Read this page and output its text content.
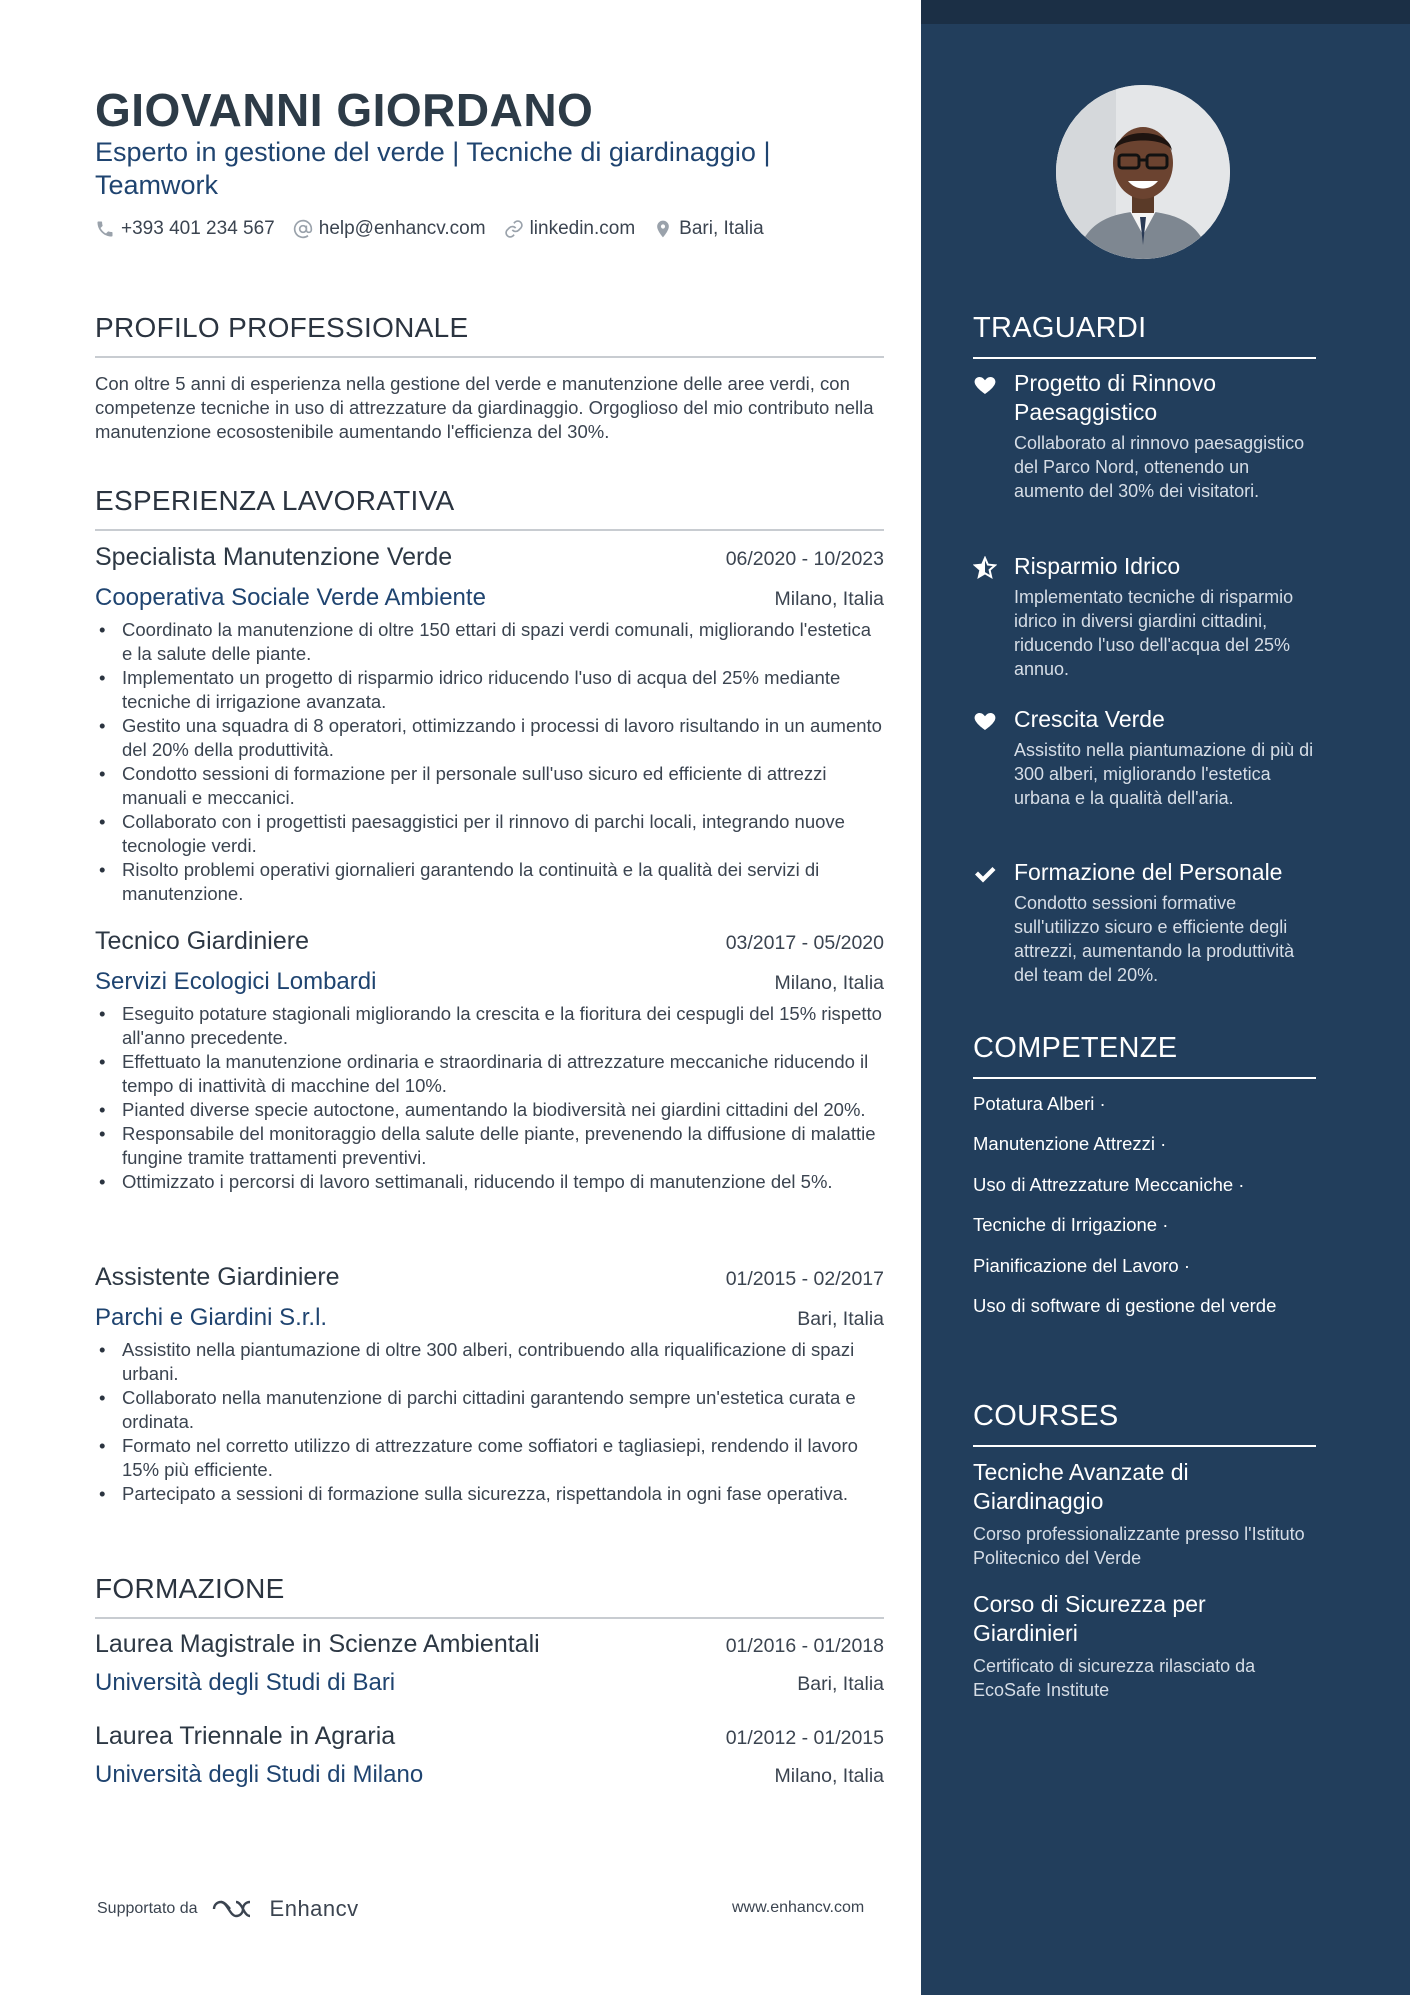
GIOVANNI GIORDANO
Esperto in gestione del verde | Tecniche di giardinaggio | Teamwork
+393 401 234 567 help@enhancv.com linkedin.com Bari, Italia
PROFILO PROFESSIONALE
Con oltre 5 anni di esperienza nella gestione del verde e manutenzione delle aree verdi, con competenze tecniche in uso di attrezzature da giardinaggio. Orgoglioso del mio contributo nella manutenzione ecosostenibile aumentando l'efficienza del 30%.
ESPERIENZA LAVORATIVA
Specialista Manutenzione Verde	06/2020 - 10/2023
Cooperativa Sociale Verde Ambiente	Milano, Italia
• Coordinato la manutenzione di oltre 150 ettari di spazi verdi comunali, migliorando l'estetica e la salute delle piante.
• Implementato un progetto di risparmio idrico riducendo l'uso di acqua del 25% mediante tecniche di irrigazione avanzata.
• Gestito una squadra di 8 operatori, ottimizzando i processi di lavoro risultando in un aumento del 20% della produttività.
• Condotto sessioni di formazione per il personale sull'uso sicuro ed efficiente di attrezzi manuali e meccanici.
• Collaborato con i progettisti paesaggistici per il rinnovo di parchi locali, integrando nuove tecnologie verdi.
• Risolto problemi operativi giornalieri garantendo la continuità e la qualità dei servizi di manutenzione.
Tecnico Giardiniere	03/2017 - 05/2020
Servizi Ecologici Lombardi	Milano, Italia
• Eseguito potature stagionali migliorando la crescita e la fioritura dei cespugli del 15% rispetto all'anno precedente.
• Effettuato la manutenzione ordinaria e straordinaria di attrezzature meccaniche riducendo il tempo di inattività di macchine del 10%.
• Pianted diverse specie autoctone, aumentando la biodiversità nei giardini cittadini del 20%.
• Responsabile del monitoraggio della salute delle piante, prevenendo la diffusione di malattie fungine tramite trattamenti preventivi.
• Ottimizzato i percorsi di lavoro settimanali, riducendo il tempo di manutenzione del 5%.
Assistente Giardiniere	01/2015 - 02/2017
Parchi e Giardini S.r.l.	Bari, Italia
• Assistito nella piantumazione di oltre 300 alberi, contribuendo alla riqualificazione di spazi urbani.
• Collaborato nella manutenzione di parchi cittadini garantendo sempre un'estetica curata e ordinata.
• Formato nel corretto utilizzo di attrezzature come soffiatori e tagliasiepi, rendendo il lavoro 15% più efficiente.
• Partecipato a sessioni di formazione sulla sicurezza, rispettandola in ogni fase operativa.
FORMAZIONE
Laurea Magistrale in Scienze Ambientali	01/2016 - 01/2018
Università degli Studi di Bari	Bari, Italia
Laurea Triennale in Agraria	01/2012 - 01/2015
Università degli Studi di Milano	Milano, Italia
Supportato da	Enhancv	www.enhancv.com
TRAGUARDI
Progetto di Rinnovo Paesaggistico
Collaborato al rinnovo paesaggistico del Parco Nord, ottenendo un aumento del 30% dei visitatori.
Risparmio Idrico
Implementato tecniche di risparmio idrico in diversi giardini cittadini, riducendo l'uso dell'acqua del 25% annuo.
Crescita Verde
Assistito nella piantumazione di più di 300 alberi, migliorando l'estetica urbana e la qualità dell'aria.
Formazione del Personale
Condotto sessioni formative sull'utilizzo sicuro e efficiente degli attrezzi, aumentando la produttività del team del 20%.
COMPETENZE
Potatura Alberi ·
Manutenzione Attrezzi ·
Uso di Attrezzature Meccaniche ·
Tecniche di Irrigazione ·
Pianificazione del Lavoro ·
Uso di software di gestione del verde
COURSES
Tecniche Avanzate di Giardinaggio
Corso professionalizzante presso l'Istituto Politecnico del Verde
Corso di Sicurezza per Giardinieri
Certificato di sicurezza rilasciato da EcoSafe Institute
